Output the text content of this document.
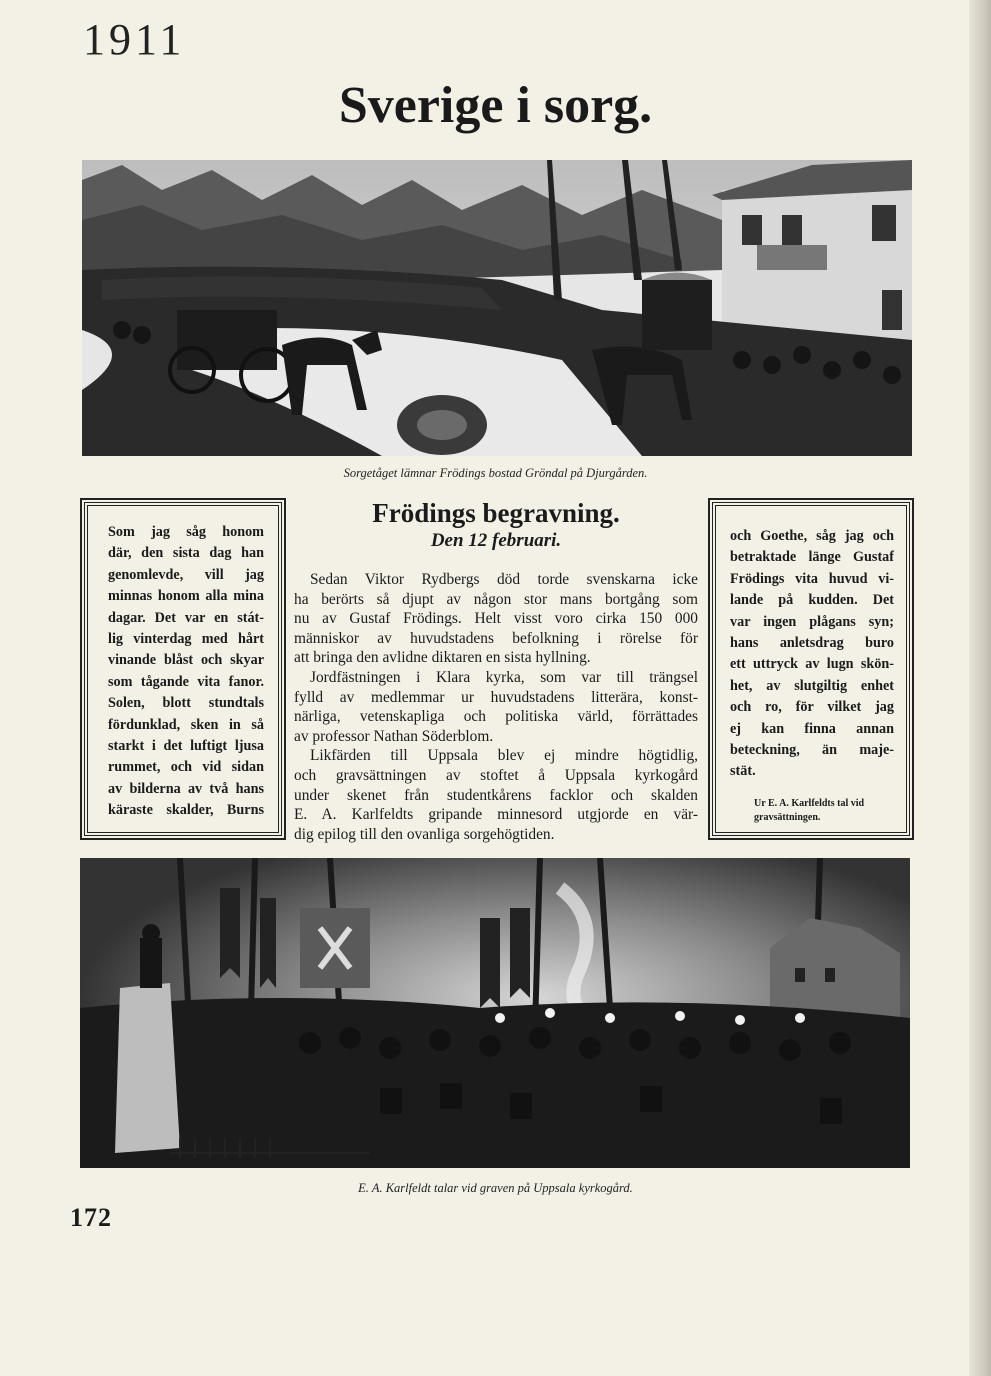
1911
Sverige i sorg.
Sorgetåget lämnar Frödings bostad Gröndal på Djurgården.
Som jag såg honom
där, den sista dag han
genomlevde, vill jag
minnas honom alla mina
dagar. Det var en stát-
lig vinterdag med hårt
vinande blåst och skyar
som tågande vita fanor.
Solen, blott stundtals
fördunklad, sken in så
starkt i det luftigt ljusa
rummet, och vid sidan
av bilderna av två hans
käraste skalder, Burns
Frödings begravning.
Den 12 februari.
Sedan Viktor Rydbergs död torde svenskarna icke
ha berörts så djupt av någon stor mans bortgång som
nu av Gustaf Frödings. Helt visst voro cirka 150 000
människor av huvudstadens befolkning i rörelse för
att bringa den avlidne diktaren en sista hyllning.
Jordfästningen i Klara kyrka, som var till trängsel
fylld av medlemmar ur huvudstadens litterära, konst-
närliga, vetenskapliga och politiska värld, förrättades
av professor Nathan Söderblom.
Likfärden till Uppsala blev ej mindre högtidlig,
och gravsättningen av stoftet å Uppsala kyrkogård
under skenet från studentkårens facklor och skalden
E. A. Karlfeldts gripande minnesord utgjorde en vär-
dig epilog till den ovanliga sorgehögtiden.
och Goethe, såg jag och
betraktade länge Gustaf
Frödings vita huvud vi-
lande på kudden. Det
var ingen plågans syn;
hans anletsdrag buro
ett uttryck av lugn skön-
het, av slutgiltig enhet
och ro, för vilket jag
ej kan finna annan
beteckning, än maje-
stät.
Ur E. A. Karlfeldts tal vid
gravsättningen.
E. A. Karlfeldt talar vid graven på Uppsala kyrkogård.
172
